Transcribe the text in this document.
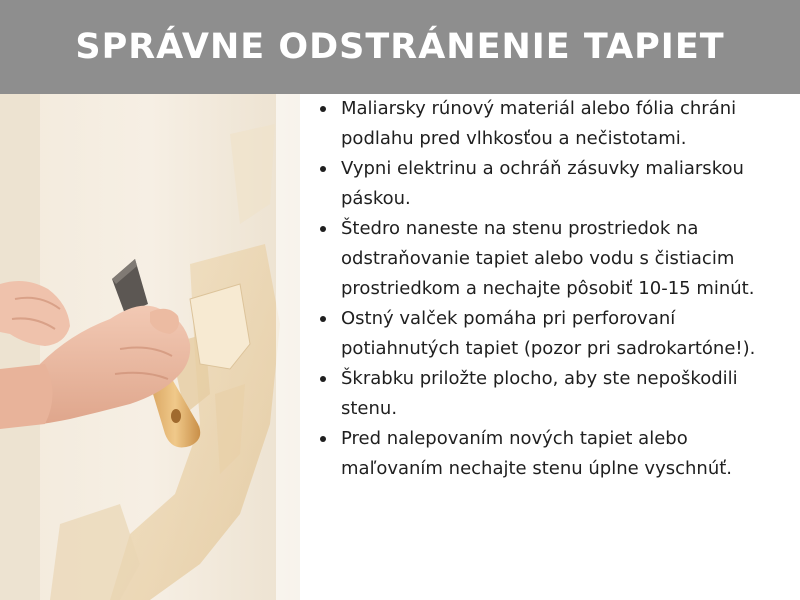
SPRÁVNE ODSTRÁNENIE TAPIET
Maliarsky rúnový materiál alebo fólia chráni podlahu pred vlhkosťou a nečistotami.
Vypni elektrinu a ochráň zásuvky maliarskou páskou.
Štedro naneste na stenu prostriedok na odstraňovanie tapiet alebo vodu s čistiacim prostriedkom a nechajte pôsobiť 10-15 minút.
Ostný valček pomáha pri perforovaní potiahnutých tapiet (pozor pri sadrokartóne!).
Škrabku priložte plocho, aby ste nepoškodili stenu.
Pred nalepovaním nových tapiet alebo maľovaním nechajte stenu úplne vyschnúť.
